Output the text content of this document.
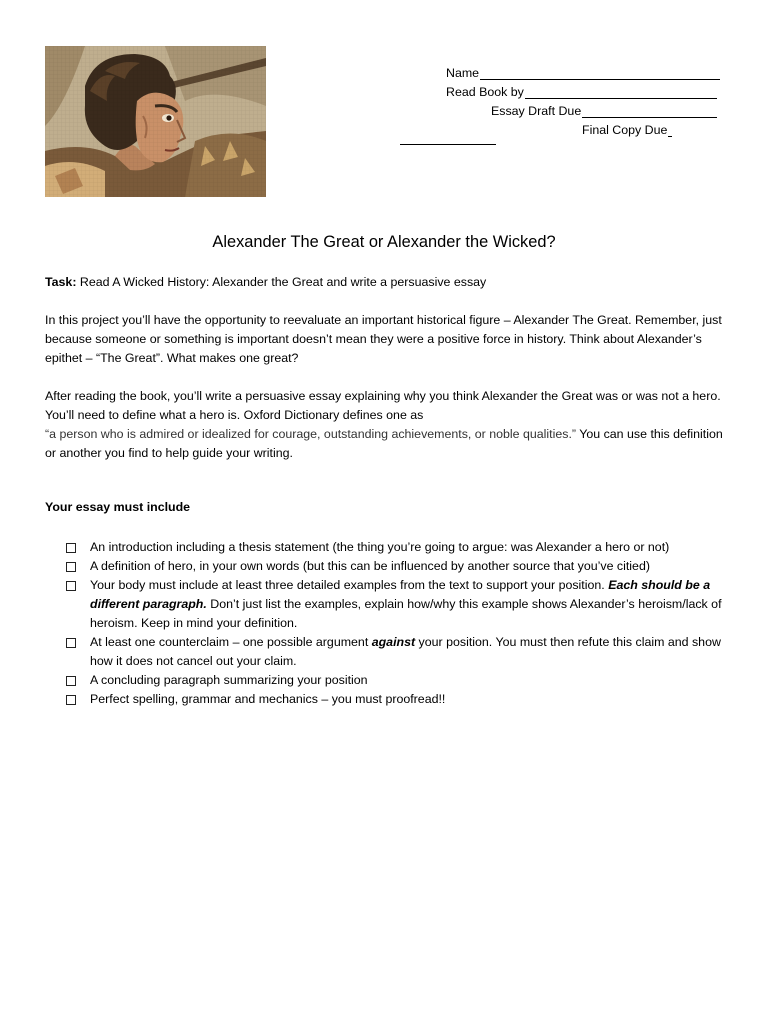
Name
Read Book by
Essay Draft Due
Final Copy Due
Alexander The Great or Alexander the Wicked?

Task: Read A Wicked History: Alexander the Great and write a persuasive essay

In this project you’ll have the opportunity to reevaluate an important historical figure – Alexander The Great. Remember, just because someone or something is important doesn’t mean they were a positive force in history. Think about Alexander’s epithet – “The Great”. What makes one great?

After reading the book, you’ll write a persuasive essay explaining why you think Alexander the Great was or was not a hero. You’ll need to define what a hero is. Oxford Dictionary defines one as
“a person who is admired or idealized for courage, outstanding achievements, or noble qualities.” You can use this definition or another you find to help guide your writing.

Your essay must include

An introduction including a thesis statement (the thing you’re going to argue: was Alexander a hero or not)
A definition of hero, in your own words (but this can be influenced by another source that you’ve citied)
Your body must include at least three detailed examples from the text to support your position. Each should be a different paragraph. Don’t just list the examples, explain how/why this example shows Alexander’s heroism/lack of heroism. Keep in mind your definition.
At least one counterclaim – one possible argument against your position. You must then refute this claim and show how it does not cancel out your claim.
A concluding paragraph summarizing your position
Perfect spelling, grammar and mechanics – you must proofread!!
